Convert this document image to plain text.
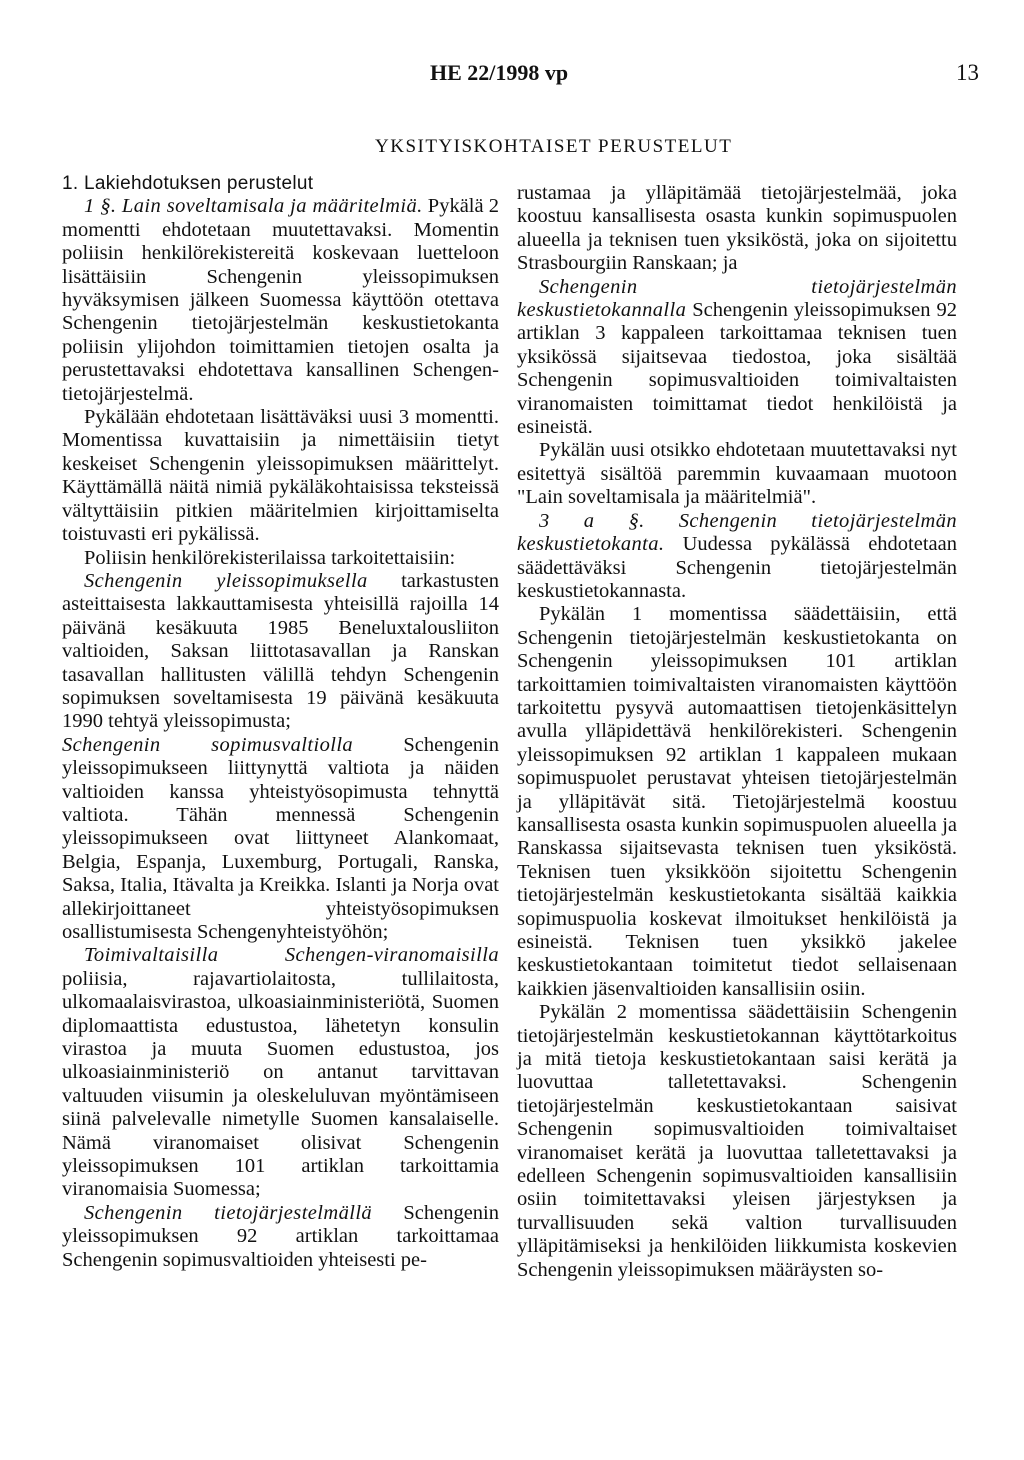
HE 22/1998 vp	13
YKSITYISKOHTAISET PERUSTELUT

1. Lakiehdotuksen perustelut

1 §. Lain soveltamisala ja määritelmiä. Pykälä 2 momentti ehdotetaan muutettavaksi. Momentin poliisin henkilörekistereitä koskevaan luetteloon lisättäisiin Schengenin yleissopimuksen hyväksymisen jälkeen Suomessa käyttöön otettava Schengenin tietojärjestelmän keskustietokanta poliisin ylijohdon toimittamien tietojen osalta ja perustettavaksi ehdotettava kansallinen Schengen-tietojärjestelmä.

Pykälään ehdotetaan lisättäväksi uusi 3 momentti. Momentissa kuvattaisiin ja nimettäisiin tietyt keskeiset Schengenin yleissopimuksen määrittelyt. Käyttämällä näitä nimiä pykäläkohtaisissa teksteissä vältyttäisiin pitkien määritelmien kirjoittamiselta toistuvasti eri pykälissä.

Poliisin henkilörekisterilaissa tarkoitettaisiin:

Schengenin yleissopimuksella tarkastusten asteittaisesta lakkauttamisesta yhteisillä rajoilla 14 päivänä kesäkuuta 1985 Beneluxtalousliiton valtioiden, Saksan liittotasavallan ja Ranskan tasavallan hallitusten välillä tehdyn Schengenin sopimuksen soveltamisesta 19 päivänä kesäkuuta 1990 tehtyä yleissopimusta;

Schengenin sopimusvaltiolla Schengenin yleissopimukseen liittynyttä valtiota ja näiden valtioiden kanssa yhteistyösopimusta tehnyttä valtiota. Tähän mennessä Schengenin yleissopimukseen ovat liittyneet Alankomaat, Belgia, Espanja, Luxemburg, Portugali, Ranska, Saksa, Italia, Itävalta ja Kreikka. Islanti ja Norja ovat allekirjoittaneet yhteistyösopimuksen osallistumisesta Schengenyhteistyöhön;

Toimivaltaisilla Schengen-viranomaisilla poliisia, rajavartiolaitosta, tullilaitosta, ulkomaalaisvirastoa, ulkoasiainministeriötä, Suomen diplomaattista edustustoa, lähetetyn konsulin virastoa ja muuta Suomen edustustoa, jos ulkoasiainministeriö on antanut tarvittavan valtuuden viisumin ja oleskeluluvan myöntämiseen siinä palvelevalle nimetylle Suomen kansalaiselle. Nämä viranomaiset olisivat Schengenin yleissopimuksen 101 artiklan tarkoittamia viranomaisia Suomessa;

Schengenin tietojärjestelmällä Schengenin yleissopimuksen 92 artiklan tarkoittamaa Schengenin sopimusvaltioiden yhteisesti pe-

rustamaa ja ylläpitämää tietojärjestelmää, joka koostuu kansallisesta osasta kunkin sopimuspuolen alueella ja teknisen tuen yksiköstä, joka on sijoitettu Strasbourgiin Ranskaan; ja

Schengenin tietojärjestelmän keskustietokannalla Schengenin yleissopimuksen 92 artiklan 3 kappaleen tarkoittamaa teknisen tuen yksikössä sijaitsevaa tiedostoa, joka sisältää Schengenin sopimusvaltioiden toimivaltaisten viranomaisten toimittamat tiedot henkilöistä ja esineistä.

Pykälän uusi otsikko ehdotetaan muutettavaksi nyt esitettyä sisältöä paremmin kuvaamaan muotoon "Lain soveltamisala ja määritelmiä".

3 a §. Schengenin tietojärjestelmän keskustietokanta. Uudessa pykälässä ehdotetaan säädettäväksi Schengenin tietojärjestelmän keskustietokannasta.

Pykälän 1 momentissa säädettäisiin, että Schengenin tietojärjestelmän keskustietokanta on Schengenin yleissopimuksen 101 artiklan tarkoittamien toimivaltaisten viranomaisten käyttöön tarkoitettu pysyvä automaattisen tietojenkäsittelyn avulla ylläpidettävä henkilörekisteri. Schengenin yleissopimuksen 92 artiklan 1 kappaleen mukaan sopimuspuolet perustavat yhteisen tietojärjestelmän ja ylläpitävät sitä. Tietojärjestelmä koostuu kansallisesta osasta kunkin sopimuspuolen alueella ja Ranskassa sijaitsevasta teknisen tuen yksiköstä. Teknisen tuen yksikköön sijoitettu Schengenin tietojärjestelmän keskustietokanta sisältää kaikkia sopimuspuolia koskevat ilmoitukset henkilöistä ja esineistä. Teknisen tuen yksikkö jakelee keskustietokantaan toimitetut tiedot sellaisenaan kaikkien jäsenvaltioiden kansallisiin osiin.

Pykälän 2 momentissa säädettäisiin Schengenin tietojärjestelmän keskustietokannan käyttötarkoitus ja mitä tietoja keskustietokantaan saisi kerätä ja luovuttaa talletettavaksi. Schengenin tietojärjestelmän keskustietokantaan saisivat Schengenin sopimusvaltioiden toimivaltaiset viranomaiset kerätä ja luovuttaa talletettavaksi ja edelleen Schengenin sopimusvaltioiden kansallisiin osiin toimitettavaksi yleisen järjestyksen ja turvallisuuden sekä valtion turvallisuuden ylläpitämiseksi ja henkilöiden liikkumista koskevien Schengenin yleissopimuksen määräysten so-
